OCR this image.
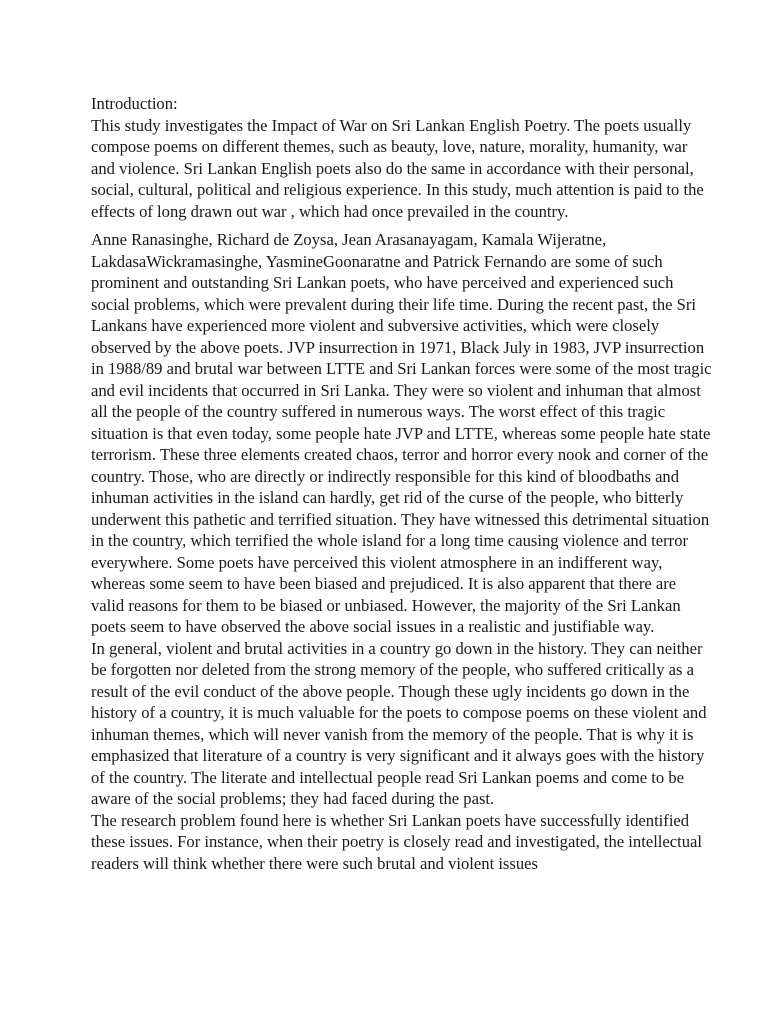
Introduction:

This study investigates the Impact of War on Sri Lankan English Poetry. The poets usually compose poems on different themes, such as beauty, love, nature, morality, humanity, war and violence. Sri Lankan English poets also do the same in accordance with their personal, social, cultural, political and religious experience. In this study, much attention is paid to the effects of long drawn out war , which had once prevailed in the country.

Anne Ranasinghe, Richard de Zoysa, Jean Arasanayagam, Kamala Wijeratne, LakdasaWickramasinghe, YasmineGoonaratne and Patrick Fernando are some of such prominent and outstanding Sri Lankan poets, who have perceived and experienced such social problems, which were prevalent during their life time. During the recent past, the Sri Lankans have experienced more violent and subversive activities, which were closely observed by the above poets. JVP insurrection in 1971, Black July in 1983, JVP insurrection in 1988/89 and brutal war between LTTE and Sri Lankan forces were some of the most tragic and evil incidents that occurred in Sri Lanka. They were so violent and inhuman that almost all the people of the country suffered in numerous ways. The worst effect of this tragic situation is that even today, some people hate JVP and LTTE, whereas some people hate state terrorism. These three elements created chaos, terror and horror every nook and corner of the country. Those, who are directly or indirectly responsible for this kind of bloodbaths and inhuman activities in the island can hardly, get rid of the curse of the people, who bitterly underwent this pathetic and terrified situation. They have witnessed this detrimental situation in the country, which terrified the whole island for a long time causing violence and terror everywhere. Some poets have perceived this violent atmosphere in an indifferent way, whereas some seem to have been biased and prejudiced. It is also apparent that there are valid reasons for them to be biased or unbiased. However, the majority of the Sri Lankan poets seem to have observed the above social issues in a realistic and justifiable way.

In general, violent and brutal activities in a country go down in the history. They can neither be forgotten nor deleted from the strong memory of the people, who suffered critically as a result of the evil conduct of the above people. Though these ugly incidents go down in the history of a country, it is much valuable for the poets to compose poems on these violent and inhuman themes, which will never vanish from the memory of the people. That is why it is emphasized that literature of a country is very significant and it always goes with the history of the country. The literate and intellectual people read Sri Lankan poems and come to be aware of the social problems; they had faced during the past.

The research problem found here is whether Sri Lankan poets have successfully identified these issues. For instance, when their poetry is closely read and investigated, the intellectual readers will think whether there were such brutal and violent issues
